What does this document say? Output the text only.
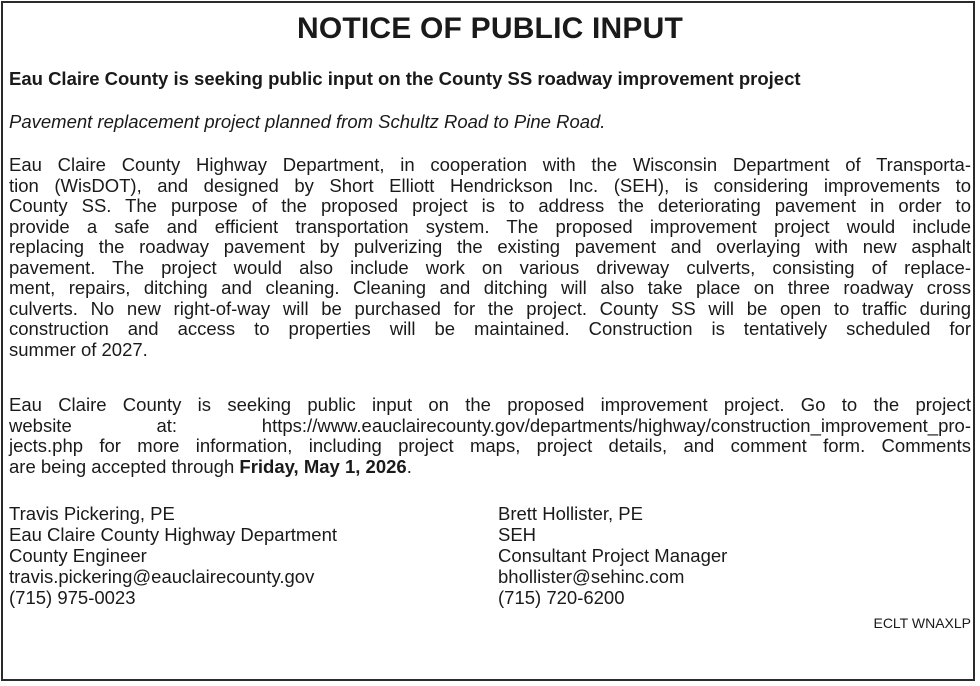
NOTICE OF PUBLIC INPUT
Eau Claire County is seeking public input on the County SS roadway improvement project
Pavement replacement project planned from Schultz Road to Pine Road.
Eau Claire County Highway Department, in cooperation with the Wisconsin Department of Transporta-
tion (WisDOT), and designed by Short Elliott Hendrickson Inc. (SEH), is considering improvements to
County SS. The purpose of the proposed project is to address the deteriorating pavement in order to
provide a safe and efficient transportation system. The proposed improvement project would include
replacing the roadway pavement by pulverizing the existing pavement and overlaying with new asphalt
pavement. The project would also include work on various driveway culverts, consisting of replace-
ment, repairs, ditching and cleaning. Cleaning and ditching will also take place on three roadway cross
culverts. No new right-of-way will be purchased for the project. County SS will be open to traffic during
construction and access to properties will be maintained. Construction is tentatively scheduled for
summer of 2027.
Eau Claire County is seeking public input on the proposed improvement project. Go to the project
website at: https://www.eauclairecounty.gov/departments/highway/construction_improvement_pro-
jects.php for more information, including project maps, project details, and comment form. Comments
are being accepted through Friday, May 1, 2026.
Travis Pickering, PE
Eau Claire County Highway Department
County Engineer
travis.pickering@eauclairecounty.gov
(715) 975-0023
Brett Hollister, PE
SEH
Consultant Project Manager
bhollister@sehinc.com
(715) 720-6200
ECLT WNAXLP
